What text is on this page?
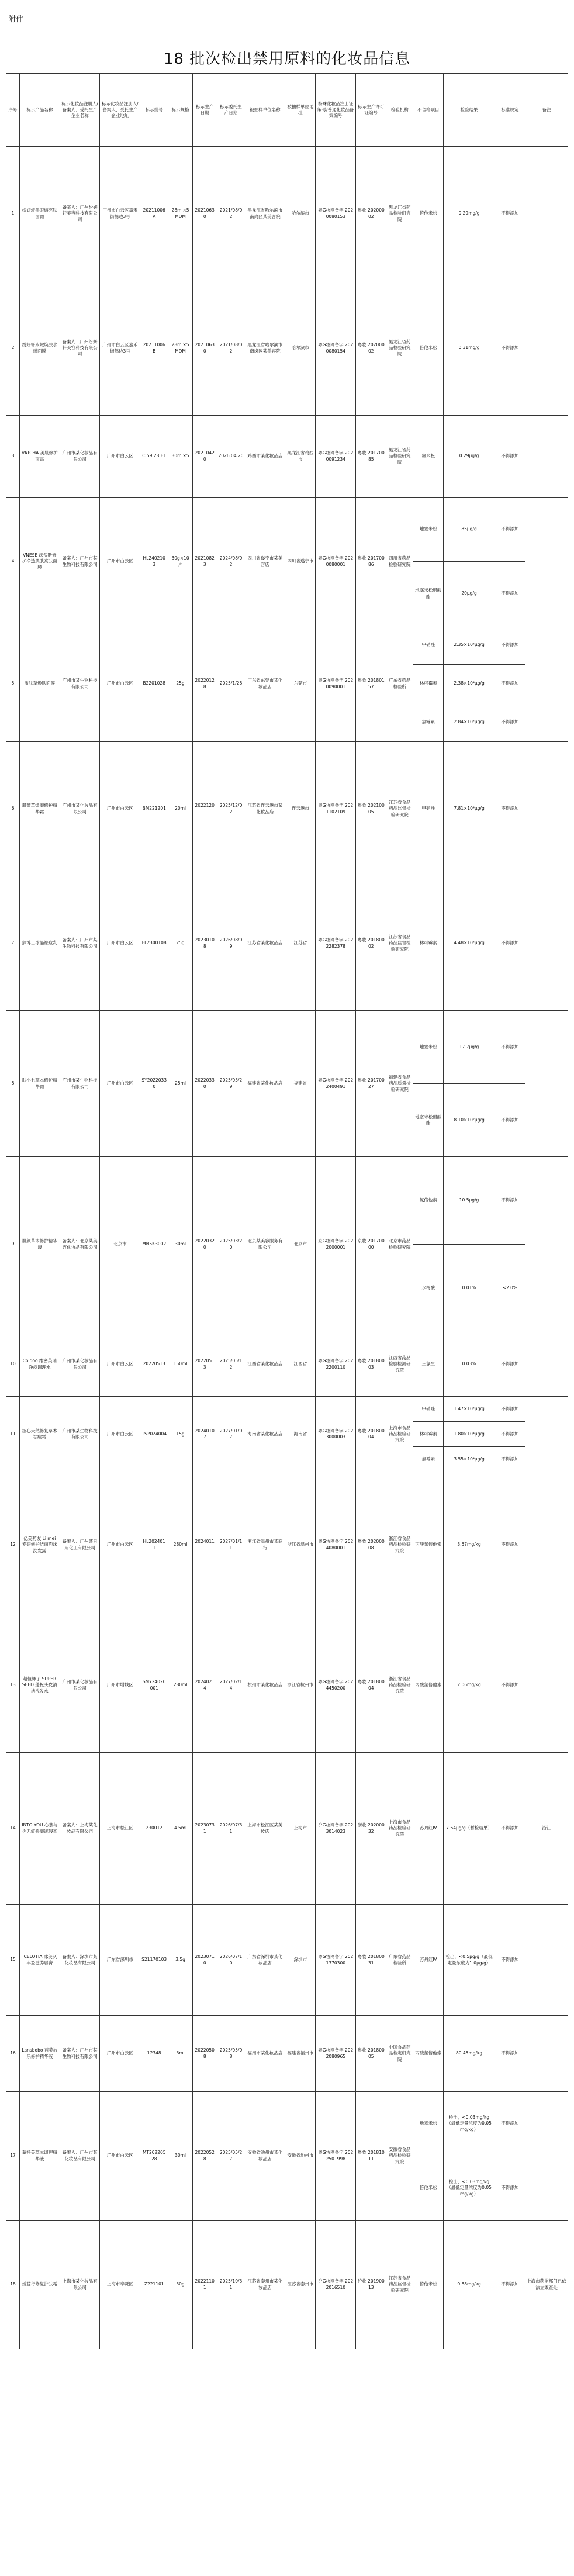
附件
18 批次检出禁用原料的化妆品信息
序号	标示产品名称	标示化妆品注册人/备案人、受托生产企业名称	标示化妆品注册人/备案人、受托生产企业地址	标示批号	标示规格	标示生产日期	标示委托生产日期	被抽样单位名称	被抽样单位地址	特殊化妆品注册证编号/普通化妆品备案编号	标示生产许可证编号	检验机构	不合格项目	检验结果	标准规定	备注
1	纷妍轩美眼熔亮肤面霜	备案人：广州纷妍轩美容科技有限公司	广州市白云区嘉禾街鹤边3号	20211006A	28ml×5 MDM	20210630	2021/08/02	黑龙江省哈尔滨市南岗区某美容院	哈尔滨市	粤G妆网备字 2020080153	粤妆 20200002	黑龙江省药品检验研究院	倍他米松	0.29mg/g	不得添加	
2	纷妍轩水嫩焕肤水感面膜	备案人：广州纷妍轩美容科技有限公司	广州市白云区嘉禾街鹤边3号	20211006B	28ml×5 MDM	20210630	2021/08/02	黑龙江省哈尔滨市南岗区某美容院	哈尔滨市	粤G妆网备字 2020080154	粤妆 20200002	黑龙江省药品检验研究院	倍他米松	0.31mg/g	不得添加	
3	VATCHA 美肌修护面霜	广州市某化妆品有限公司	广州市白云区	C.59.28.E1	30ml×5	20210420	2026.04.20	鸡西市某化妆品店	黑龙江省鸡西市	粤G妆网备字 2020091234	粤妆 20170085	黑龙江省药品检验研究院	氟米松	0.29μg/g	不得添加	
4	VNESE 沃倪斯修护净透肌肤亮肤面膜	备案人：广州市某生物科技有限公司	广州市白云区	HL2402103	30g×10片	20210823	2024/08/02	四川省遂宁市某美容店	四川省遂宁市	粤G妆网备字 2020080001	粤妆 20170086	四川省药品检验研究院	地塞米松	85μg/g	不得添加	
													地塞米松醋酸酯	20μg/g	不得添加	
5	质肤草焕肤面膜	广州市某生物科技有限公司	广州市白云区	B2201028	25g	20220128	2025/1/28	广东省东莞市某化妆品店	东莞市	粤G妆网备字 2020090001	粤妆 20180157	广东省药品检验所	甲硝唑	2.35×10⁴μg/g	不得添加	
													林可霉素	2.38×10⁴μg/g	不得添加	
													氯霉素	2.84×10⁴μg/g	不得添加	
6	肌蕾草焕颜修护精华霜	广州市某化妆品有限公司	广州市白云区	BM221201	20ml	20221201	2025/12/02	江苏省连云港市某化妆品店	连云港市	粤G妆网备字 2021102109	粤妆 20210005	江苏省食品药品监督检验研究院	甲硝唑	7.81×10⁴μg/g	不得添加	
7	熊博士冰晶祛痘乳	备案人：广州市某生物科技有限公司	广州市白云区	FL2300108	25g	20230108	2026/08/09	江苏省某化妆品店	江苏省	粤G妆网备字 2022282378	粤妆 20180002	江苏省食品药品监督检验研究院	林可霉素	4.48×10⁴μg/g	不得添加	
8	肤小七草本修护精华霜	广州市某生物科技有限公司	广州市白云区	SY20220330	25ml	20220330	2025/03/29	福建省某化妆品店	福建省	粤G妆网备字 2022400491	粤妆 20170027	福建省食品药品质量检验研究院	地塞米松	17.7μg/g	不得添加	
													地塞米松醋酸酯	8.10×10²μg/g	不得添加	
9	肌颜草本修护精华液	备案人：北京某美容化妆品有限公司	北京市	MN5K3002	30ml	20220320	2025/03/20	北京某美容服务有限公司	北京市	京G妆网备字 2022000001	京妆 20170000	北京市药品检验研究院	氯倍他索	10.5μg/g	不得添加	
													水杨酸	0.01%	≤2.0%	
10	Coidoo 维密芙瑞净痘调理水	广州市某化妆品有限公司	广州市白云区	20220513	150ml	20220513	2025/05/12	江西省某化妆品店	江西省	粤G妆网备字 2022200110	粤妆 20180003	江西省药品检验检测研究院	三氯生	0.03%	不得添加	
11	涩心天然修复草本祛痘霜	广州市某生物科技有限公司	广州市白云区	TS2024004	15g	20240107	2027/01/07	海南省某化妆品店	海南省	粤G妆网备字 2023000003	粤妆 20180004	上海市食品药品检验研究院	甲硝唑	1.47×10⁴μg/g	不得添加	
													林可霉素	1.80×10⁴μg/g	不得添加	
													氯霉素	3.55×10⁴μg/g	不得添加	
12	亿美药友 Li mei 专研修护洁面泡沫洗发露	备案人：广州某日用化工有限公司	广州市白云区	HL2024011	280ml	20240111	2027/01/11	浙江省温州市某商行	浙江省温州市	粤G妆网备字 2024080001	粤妆 20200008	浙江省食品药品检验研究院	丙酸氯倍他索	3.57mg/kg	不得添加	
13	超值柿子 SUPER SEED 蓬松头皮清洁洗发水	广州市某化妆品有限公司	广州市增城区	SMY24020001	280ml	20240214	2027/02/14	杭州市某化妆品店	浙江省杭州市	粤G妆网备字 2024450200	粤妆 20180004	浙江省食品药品检验研究院	丙酸氯倍他索	2.06mg/kg	不得添加	
14	INTO YOU 心慕与你无痕修颜遮瑕膏	备案人：上海某化妆品有限公司	上海市松江区	230012	4.5ml	20230731	2026/07/31	上海市松江区某美妆店	上海市	沪G妆网备字 2023014023	浙妆 20200032	上海市食品药品检验研究院	苏丹红Ⅳ	7.64μg/g（暂检结果）	不得添加	浙江
15	ICELOTIA 冰美沃丰盈滋养唇膏	备案人：深圳市某化妆品有限公司	广东省深圳市	S21170103	3.5g	20230710	2026/07/10	广东省深圳市某化妆品店	深圳市	粤G妆网备字 2021370300	粤妆 20180031	广东省药品检验所	苏丹红Ⅳ	检出，<0.5μg/g（最低定量浓度为1.0μg/g）	不得添加	
16	Lansbobo 蓝芙波乐修护精华液	备案人：广州市某生物科技有限公司	广州市白云区	12348	3ml	20220508	2025/05/08	福州市某化妆品店	福建省福州市	粤G妆网备字 2022080965	粤妆 20180005	中国食品药品检定研究院	丙酸氯倍他索	80.45mg/kg	不得添加	
17	蒙特美草本调理精华液	备案人：广州市某化妆品有限公司	广州市白云区	MT20220528	30ml	20220528	2025/05/27	安徽省池州市某化妆品店	安徽省池州市	粤G妆网备字 2022501998	粤妆 20181011	安徽省食品药品检验研究院	地塞米松	检出，<0.03mg/kg（最低定量浓度为0.05mg/kg）	不得添加	
													倍他米松	检出，<0.03mg/kg（最低定量浓度为0.05mg/kg）	不得添加	
18	娇蕊行修复护肤霜	上海市某化妆品有限公司	上海市奉贤区	Z221101	30g	20221101	2025/10/31	江苏省泰州市某化妆品店	江苏省泰州市	沪G妆网备字 2022016510	沪妆 20190013	江苏省食品药品监督检验研究院	倍他米松	0.88mg/kg	不得添加	上海市药监部门已依法立案查处
